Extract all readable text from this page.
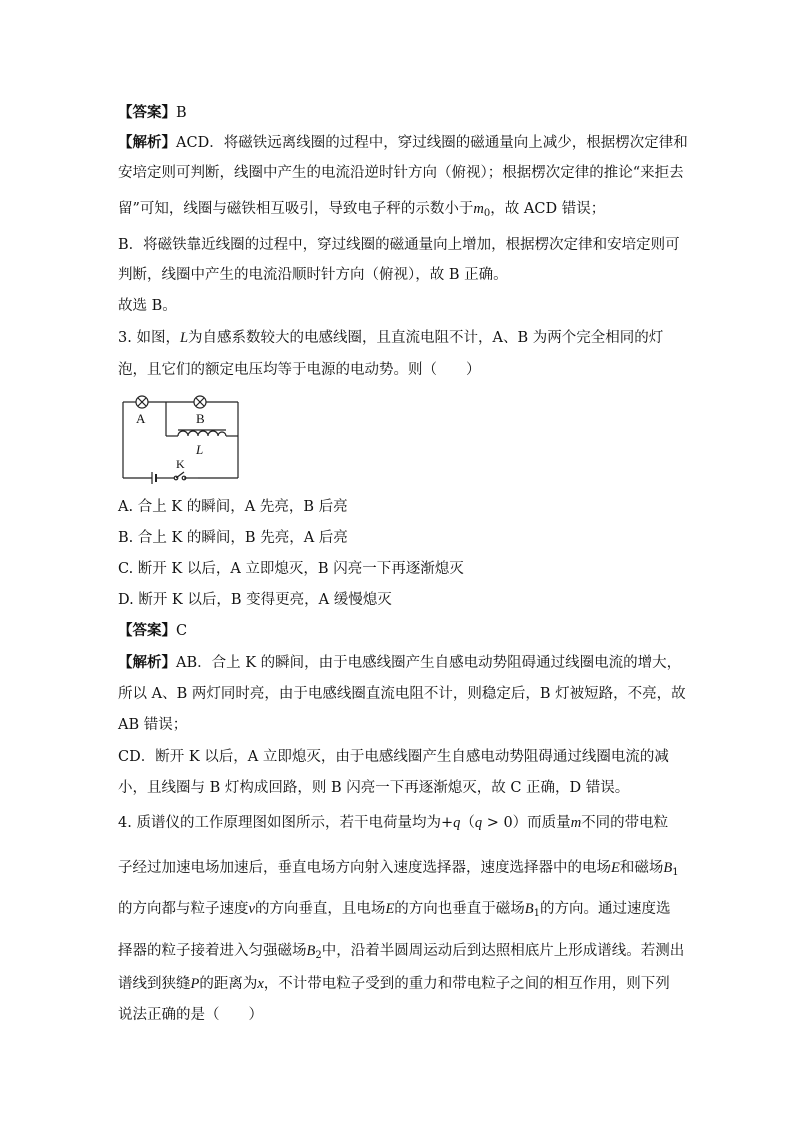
【答案】B
【解析】ACD．将磁铁远离线圈的过程中，穿过线圈的磁通量向上减少，根据楞次定律和
安培定则可判断，线圈中产生的电流沿逆时针方向（俯视）；根据楞次定律的推论“来拒去
留”可知，线圈与磁铁相互吸引，导致电子秤的示数小于$m_0$，故 ACD 错误；
B．将磁铁靠近线圈的过程中，穿过线圈的磁通量向上增加，根据楞次定律和安培定则可
判断，线圈中产生的电流沿顺时针方向（俯视），故 B 正确。
故选 B。
3. 如图，L为自感系数较大的电感线圈，且直流电阻不计，A、B 为两个完全相同的灯
泡，且它们的额定电压均等于电源的电动势。则（　　）
A	B
L
K
A. 合上 K 的瞬间，A 先亮，B 后亮
B. 合上 K 的瞬间，B 先亮，A 后亮
C. 断开 K 以后，A 立即熄灭，B 闪亮一下再逐渐熄灭
D. 断开 K 以后，B 变得更亮，A 缓慢熄灭
【答案】C
【解析】AB．合上 K 的瞬间，由于电感线圈产生自感电动势阻碍通过线圈电流的增大，
所以 A、B 两灯同时亮，由于电感线圈直流电阻不计，则稳定后，B 灯被短路，不亮，故
AB 错误；
CD．断开 K 以后，A 立即熄灭，由于电感线圈产生自感电动势阻碍通过线圈电流的减
小，且线圈与 B 灯构成回路，则 B 闪亮一下再逐渐熄灭，故 C 正确，D 错误。
4. 质谱仪的工作原理图如图所示，若干电荷量均为+q（q > 0）而质量m不同的带电粒
子经过加速电场加速后，垂直电场方向射入速度选择器，速度选择器中的电场E和磁场$B_1$
的方向都与粒子速度v的方向垂直，且电场E的方向也垂直于磁场$B_1$的方向。通过速度选
择器的粒子接着进入匀强磁场$B_2$中，沿着半圆周运动后到达照相底片上形成谱线。若测出
谱线到狭缝P的距离为x，不计带电粒子受到的重力和带电粒子之间的相互作用，则下列
说法正确的是（　　）
